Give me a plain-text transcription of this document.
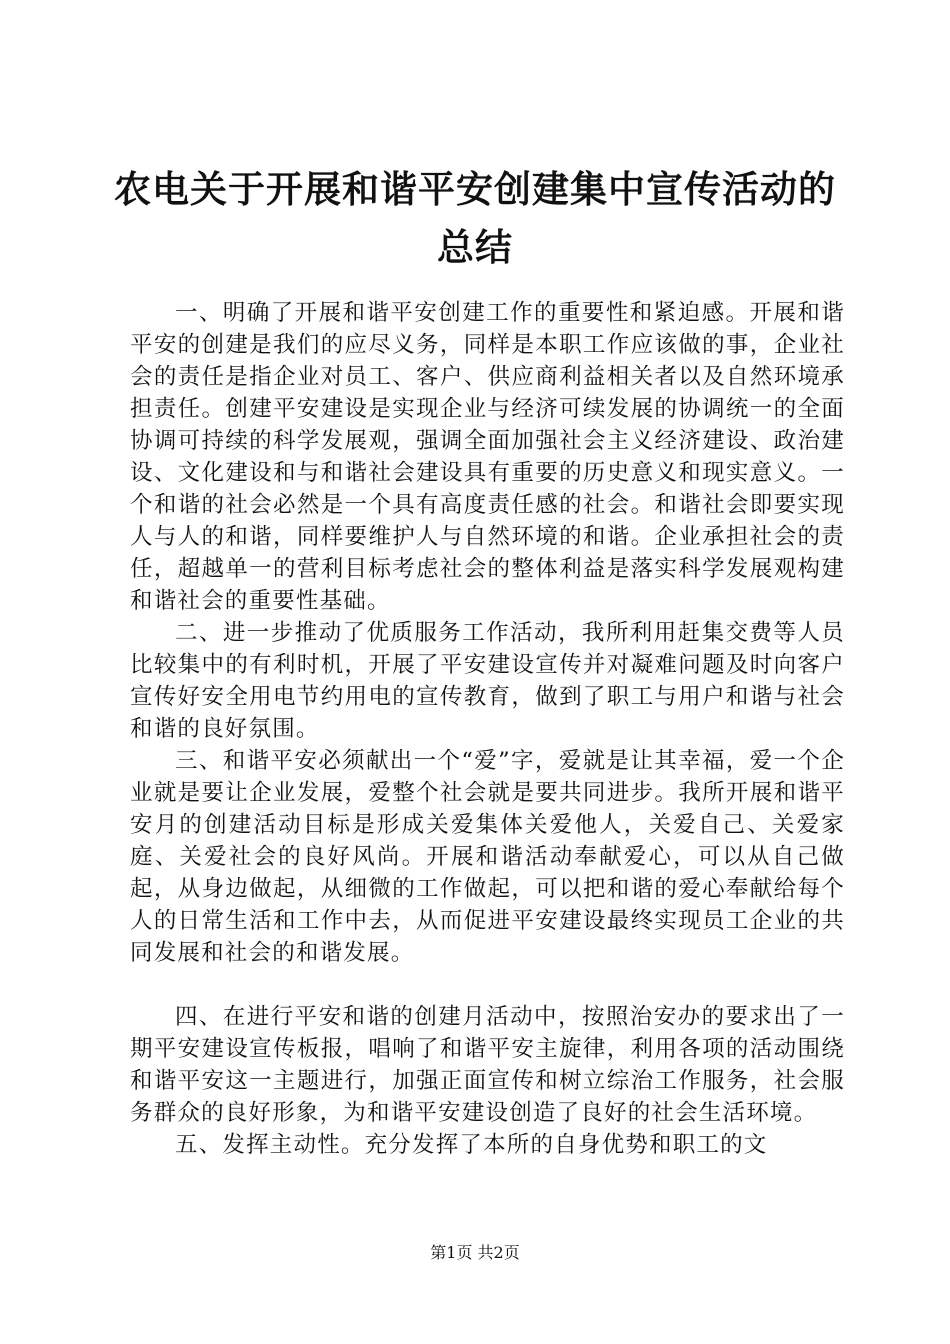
农电关于开展和谐平安创建集中宣传活动的总结

一、明确了开展和谐平安创建工作的重要性和紧迫感。开展和谐平安的创建是我们的应尽义务，同样是本职工作应该做的事，企业社会的责任是指企业对员工、客户、供应商利益相关者以及自然环境承担责任。创建平安建设是实现企业与经济可续发展的协调统一的全面协调可持续的科学发展观，强调全面加强社会主义经济建设、政治建设、文化建设和与和谐社会建设具有重要的历史意义和现实意义。一个和谐的社会必然是一个具有高度责任感的社会。和谐社会即要实现人与人的和谐，同样要维护人与自然环境的和谐。企业承担社会的责任，超越单一的营利目标考虑社会的整体利益是落实科学发展观构建和谐社会的重要性基础。

二、进一步推动了优质服务工作活动，我所利用赶集交费等人员比较集中的有利时机，开展了平安建设宣传并对凝难问题及时向客户宣传好安全用电节约用电的宣传教育，做到了职工与用户和谐与社会和谐的良好氛围。

三、和谐平安必须献出一个“爱”字，爱就是让其幸福，爱一个企业就是要让企业发展，爱整个社会就是要共同进步。我所开展和谐平安月的创建活动目标是形成关爱集体关爱他人，关爱自己、关爱家庭、关爱社会的良好风尚。开展和谐活动奉献爱心，可以从自己做起，从身边做起，从细微的工作做起，可以把和谐的爱心奉献给每个人的日常生活和工作中去，从而促进平安建设最终实现员工企业的共同发展和社会的和谐发展。

四、在进行平安和谐的创建月活动中，按照治安办的要求出了一期平安建设宣传板报，唱响了和谐平安主旋律，利用各项的活动围绕和谐平安这一主题进行，加强正面宣传和树立综治工作服务，社会服务群众的良好形象，为和谐平安建设创造了良好的社会生活环境。

五、发挥主动性。充分发挥了本所的自身优势和职工的文

第1页 共2页
